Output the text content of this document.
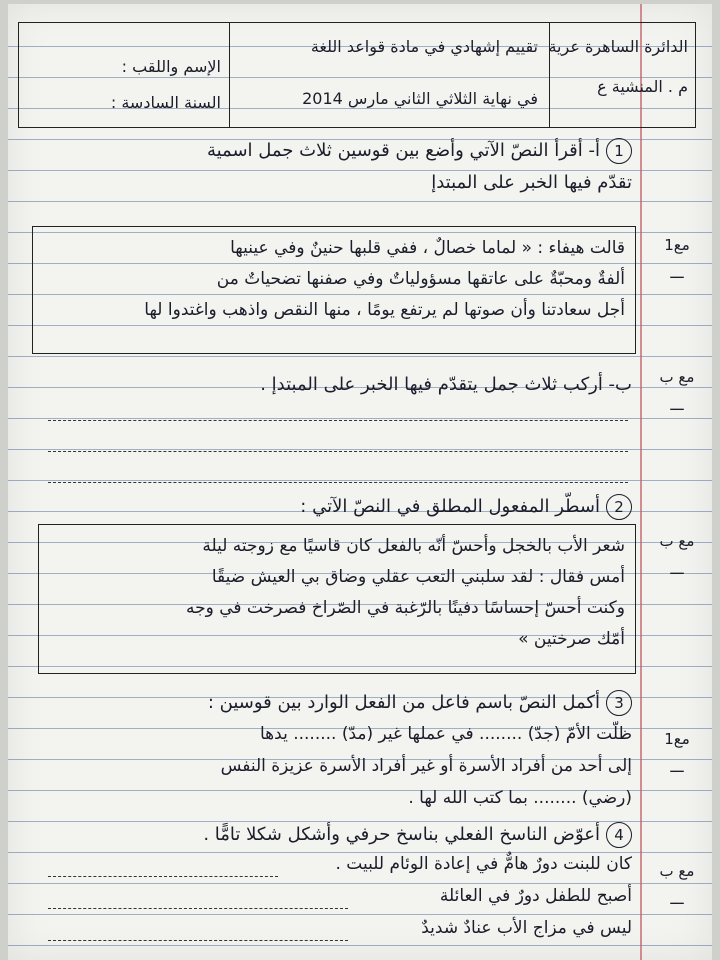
الإسم واللقب :
السنة السادسة :
تقييم إشهادي في مادة قواعد اللغة
في نهاية الثلاثي الثاني مارس 2014
الدائرة الساهرة عرية
م . المنشية ع
1أ- أقرأ النصّ الآتي وأضع بين قوسين ثلاث جمل اسمية
تقدّم فيها الخبر على المبتدإ
قالت هيفاء : « لماما خصالٌ ، ففي قلبها حنينٌ وفي عينيها
ألفةٌ ومحبّةٌ على عاتقها مسؤولياتٌ وفي صفنها تضحياتٌ من
أجل سعادتنا وأن صوتها لم يرتفع يومًا ، منها النقص واذهب واغتدوا لها
مع1
ـــ
ب- أركب ثلاث جمل يتقدّم فيها الخبر على المبتدإ .	مع ب
ـــ
2أسطّر المفعول المطلق في النصّ الآتي :
شعر الأب بالخجل وأحسّ أنّه بالفعل كان قاسيًا مع زوجته ليلة
أمس فقال : لقد سلبني التعب عقلي وضاق بي العيش ضيقًا
وكنت أحسّ إحساسًا دفينًا بالرّغبة في الصّراخ فصرخت في وجه
أمّك صرختين »
مع ب
ـــ
3أكمل النصّ باسم فاعل من الفعل الوارد بين قوسين :
ظلّت الأمّ (جدّ) ........ في عملها غير (مدّ) ........ يدها
إلى أحد من أفراد الأسرة أو غير أفراد الأسرة عزيزة النفس
(رضي) ........ بما كتب الله لها .
مع1
ـــ
4أعوّض الناسخ الفعلي بناسخ حرفي وأشكل شكلا تامًّا .
كان للبنت دورٌ هامٌّ في إعادة الوئام للبيت .
أصبح للطفل دورٌ في العائلة
ليس في مزاج الأب عنادٌ شديدٌ
مع ب
ـــ
